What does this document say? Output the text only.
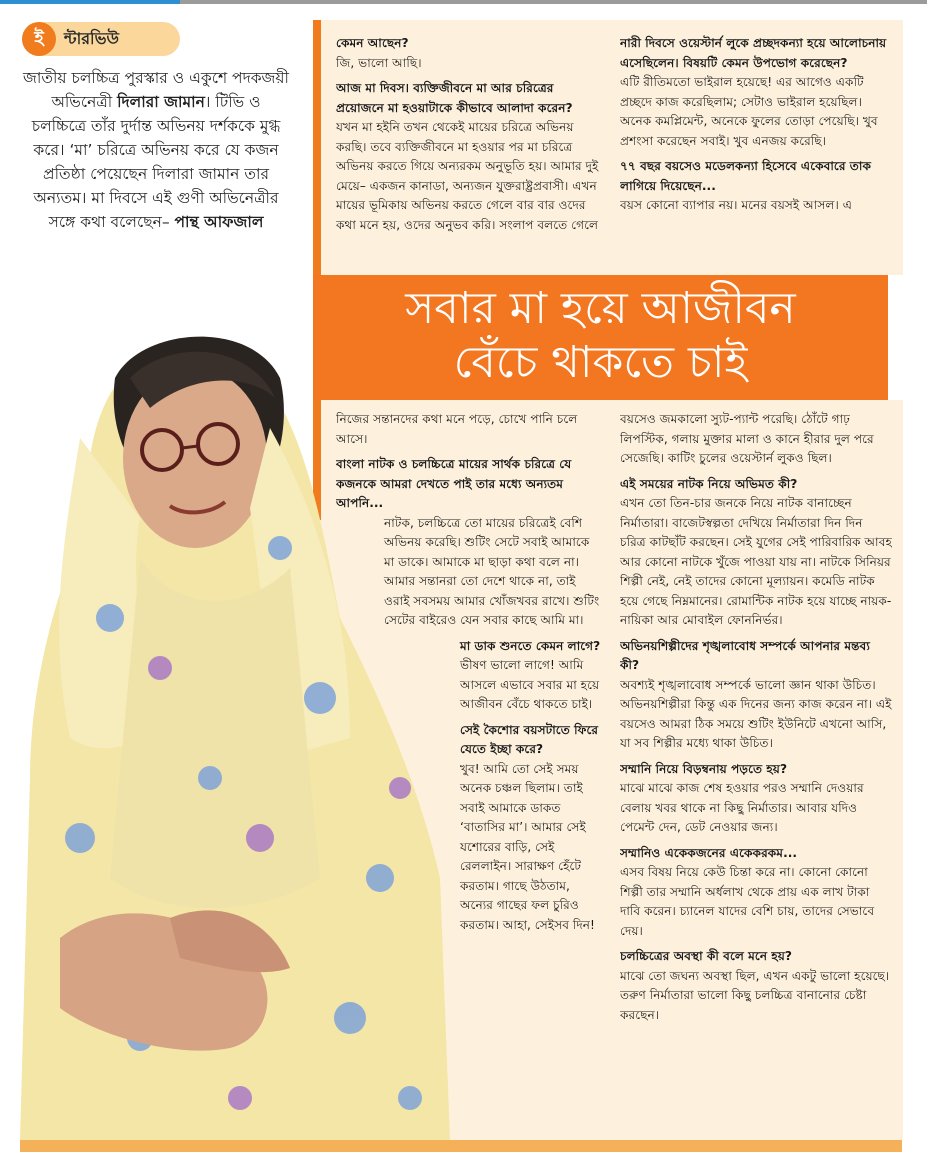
ই	ন্টারভিউ
জাতীয় চলচ্চিত্র পুরস্কার ও একুশে পদকজয়ী অভিনেত্রী দিলারা জামান। টিভি ও চলচ্চিত্রে তাঁর দুর্দান্ত অভিনয় দর্শককে মুগ্ধ করে। ‘মা’ চরিত্রে অভিনয় করে যে কজন প্রতিষ্ঠা পেয়েছেন দিলারা জামান তার অন্যতম। মা দিবসে এই গুণী অভিনেত্রীর সঙ্গে কথা বলেছেন– পান্থ আফজাল
সবার মা হয়ে আজীবন
বেঁচে থাকতে চাই

কেমন আছেন?
জি, ভালো আছি।

আজ মা দিবস। ব্যক্তিজীবনে মা আর চরিত্রের প্রয়োজনে মা হওয়াটাকে কীভাবে আলাদা করেন?
যখন মা হইনি তখন থেকেই মায়ের চরিত্রে অভিনয় করছি। তবে ব্যক্তিজীবনে মা হওয়ার পর মা চরিত্রে অভিনয় করতে গিয়ে অন্যরকম অনুভূতি হয়। আমার দুই মেয়ে– একজন কানাডা, অন্যজন যুক্তরাষ্ট্রপ্রবাসী। এখন মায়ের ভূমিকায় অভিনয় করতে গেলে বার বার ওদের কথা মনে হয়, ওদের অনুভব করি। সংলাপ বলতে গেলে

নারী দিবসে ওয়েস্টার্ন লুকে প্রচ্ছদকন্যা হয়ে আলোচনায় এসেছিলেন। বিষয়টি কেমন উপভোগ করেছেন?
এটি রীতিমতো ভাইরাল হয়েছে! এর আগেও একটি প্রচ্ছদে কাজ করেছিলাম; সেটাও ভাইরাল হয়েছিল। অনেক কমপ্লিমেন্ট, অনেকে ফুলের তোড়া পেয়েছি। খুব প্রশংসা করেছেন সবাই। খুব এনজয় করেছি।

৭৭ বছর বয়সেও মডেলকন্যা হিসেবে একেবারে তাক লাগিয়ে দিয়েছেন...
বয়স কোনো ব্যাপার নয়। মনের বয়সই আসল। এ

নিজের সন্তানদের কথা মনে পড়ে, চোখে পানি চলে আসে।

বাংলা নাটক ও চলচ্চিত্রে মায়ের সার্থক চরিত্রে যে কজনকে আমরা দেখতে পাই তার মধ্যে অন্যতম আপনি...
নাটক, চলচ্চিত্রে তো মায়ের চরিত্রেই বেশি অভিনয় করেছি। শুটিং সেটে সবাই আমাকে মা ডাকে। আমাকে মা ছাড়া কথা বলে না। আমার সন্তানরা তো দেশে থাকে না, তাই ওরাই সবসময় আমার খোঁজখবর রাখে। শুটিং সেটের বাইরেও যেন সবার কাছে আমি মা।

মা ডাক শুনতে কেমন লাগে?
ভীষণ ভালো লাগে! আমি আসলে এভাবে সবার মা হয়ে আজীবন বেঁচে থাকতে চাই।

সেই কৈশোর বয়সটাতে ফিরে যেতে ইচ্ছা করে?
খুব! আমি তো সেই সময় অনেক চঞ্চল ছিলাম। তাই সবাই আমাকে ডাকত ‘বাতাসির মা’। আমার সেই যশোরের বাড়ি, সেই রেললাইন। সারাক্ষণ হেঁটে করতাম। গাছে উঠতাম, অন্যের গাছের ফল চুরিও করতাম। আহা, সেইসব দিন!

বয়সেও জমকালো স্যুট-প্যান্ট পরেছি। ঠোঁটে গাঢ় লিপস্টিক, গলায় মুক্তার মালা ও কানে হীরার দুল পরে সেজেছি। কাটিং চুলের ওয়েস্টার্ন লুকও ছিল।

এই সময়ের নাটক নিয়ে অভিমত কী?
এখন তো তিন-চার জনকে নিয়ে নাটক বানাচ্ছেন নির্মাতারা। বাজেটস্বল্পতা দেখিয়ে নির্মাতারা দিন দিন চরিত্র কাটছাঁট করছেন। সেই যুগের সেই পারিবারিক আবহ আর কোনো নাটকে খুঁজে পাওয়া যায় না। নাটকে সিনিয়র শিল্পী নেই, নেই তাদের কোনো মূল্যায়ন। কমেডি নাটক হয়ে গেছে নিম্নমানের। রোমান্টিক নাটক হয়ে যাচ্ছে নায়ক-নায়িকা আর মোবাইল ফোননির্ভর।

অভিনয়শিল্পীদের শৃঙ্খলাবোধ সম্পর্কে আপনার মন্তব্য কী?
অবশ্যই শৃঙ্খলাবোধ সম্পর্কে ভালো জ্ঞান থাকা উচিত। অভিনয়শিল্পীরা কিন্তু এক দিনের জন্য কাজ করেন না। এই বয়সেও আমরা ঠিক সময়ে শুটিং ইউনিটে এখনো আসি, যা সব শিল্পীর মধ্যে থাকা উচিত।

সম্মানি নিয়ে বিড়ম্বনায় পড়তে হয়?
মাঝে মাঝে কাজ শেষ হওয়ার পরও সম্মানি দেওয়ার বেলায় খবর থাকে না কিছু নির্মাতার। আবার যদিও পেমেন্ট দেন, ডেট নেওয়ার জন্য।

সম্মানিও একেকজনের একেকরকম...
এসব বিষয় নিয়ে কেউ চিন্তা করে না। কোনো কোনো শিল্পী তার সম্মানি অর্ধলাখ থেকে প্রায় এক লাখ টাকা দাবি করেন। চ্যানেল যাদের বেশি চায়, তাদের সেভাবে দেয়।

চলচ্চিত্রের অবস্থা কী বলে মনে হয়?
মাঝে তো জঘন্য অবস্থা ছিল, এখন একটু ভালো হয়েছে। তরুণ নির্মাতারা ভালো কিছু চলচ্চিত্র বানানোর চেষ্টা করছেন।
